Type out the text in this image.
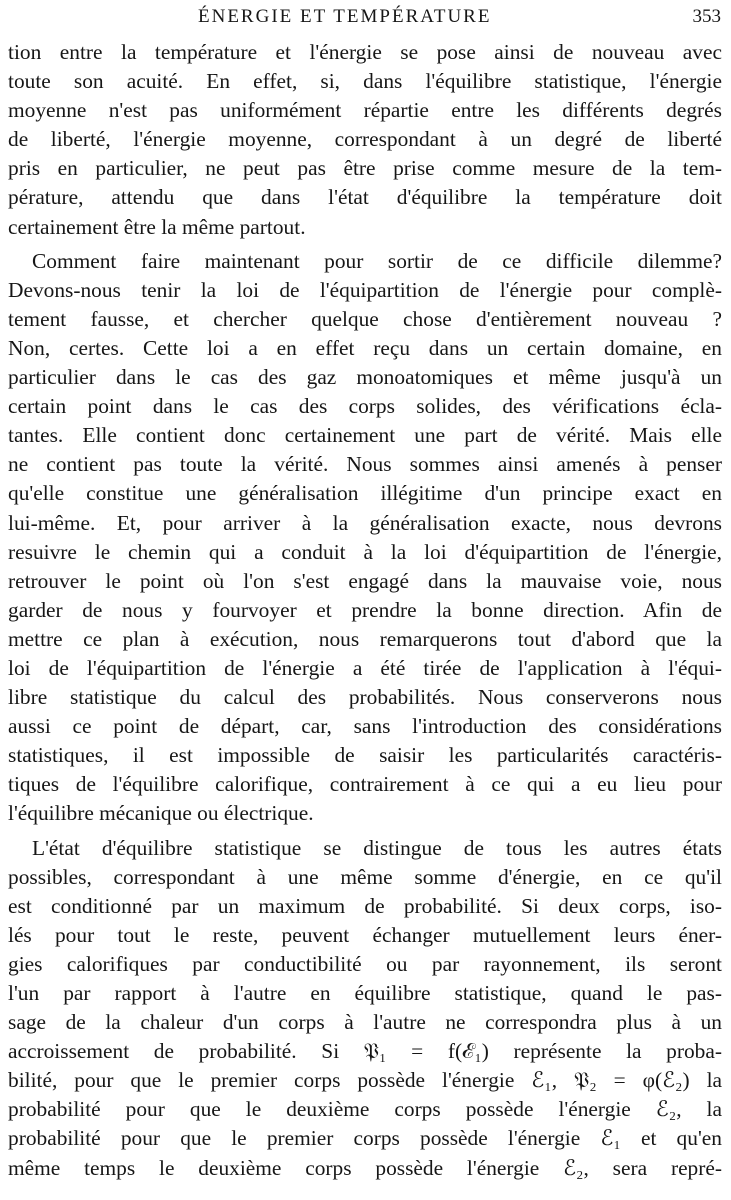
ÉNERGIE ET TEMPÉRATURE	353
tion entre la température et l'énergie se pose ainsi de nouveau avec
toute son acuité. En effet, si, dans l'équilibre statistique, l'énergie
moyenne n'est pas uniformément répartie entre les différents degrés
de liberté, l'énergie moyenne, correspondant à un degré de liberté
pris en particulier, ne peut pas être prise comme mesure de la tem-
pérature, attendu que dans l'état d'équilibre la température doit
certainement être la même partout.
Comment faire maintenant pour sortir de ce difficile dilemme?
Devons-nous tenir la loi de l'équipartition de l'énergie pour complè-
tement fausse, et chercher quelque chose d'entièrement nouveau ?
Non, certes. Cette loi a en effet reçu dans un certain domaine, en
particulier dans le cas des gaz monoatomiques et même jusqu'à un
certain point dans le cas des corps solides, des vérifications écla-
tantes. Elle contient donc certainement une part de vérité. Mais elle
ne contient pas toute la vérité. Nous sommes ainsi amenés à penser
qu'elle constitue une généralisation illégitime d'un principe exact en
lui-même. Et, pour arriver à la généralisation exacte, nous devrons
resuivre le chemin qui a conduit à la loi d'équipartition de l'énergie,
retrouver le point où l'on s'est engagé dans la mauvaise voie, nous
garder de nous y fourvoyer et prendre la bonne direction. Afin de
mettre ce plan à exécution, nous remarquerons tout d'abord que la
loi de l'équipartition de l'énergie a été tirée de l'application à l'équi-
libre statistique du calcul des probabilités. Nous conserverons nous
aussi ce point de départ, car, sans l'introduction des considérations
statistiques, il est impossible de saisir les particularités caractéris-
tiques de l'équilibre calorifique, contrairement à ce qui a eu lieu pour
l'équilibre mécanique ou électrique.
L'état d'équilibre statistique se distingue de tous les autres états
possibles, correspondant à une même somme d'énergie, en ce qu'il
est conditionné par un maximum de probabilité. Si deux corps, iso-
lés pour tout le reste, peuvent échanger mutuellement leurs éner-
gies calorifiques par conductibilité ou par rayonnement, ils seront
l'un par rapport à l'autre en équilibre statistique, quand le pas-
sage de la chaleur d'un corps à l'autre ne correspondra plus à un
accroissement de probabilité. Si 𝔓₁ = f(ℰ₁) représente la proba-
bilité, pour que le premier corps possède l'énergie ℰ₁, 𝔓₂ = φ(ℰ₂) la
probabilité pour que le deuxième corps possède l'énergie ℰ₂, la
probabilité pour que le premier corps possède l'énergie ℰ₁ et qu'en
même temps le deuxième corps possède l'énergie ℰ₂, sera repré-
